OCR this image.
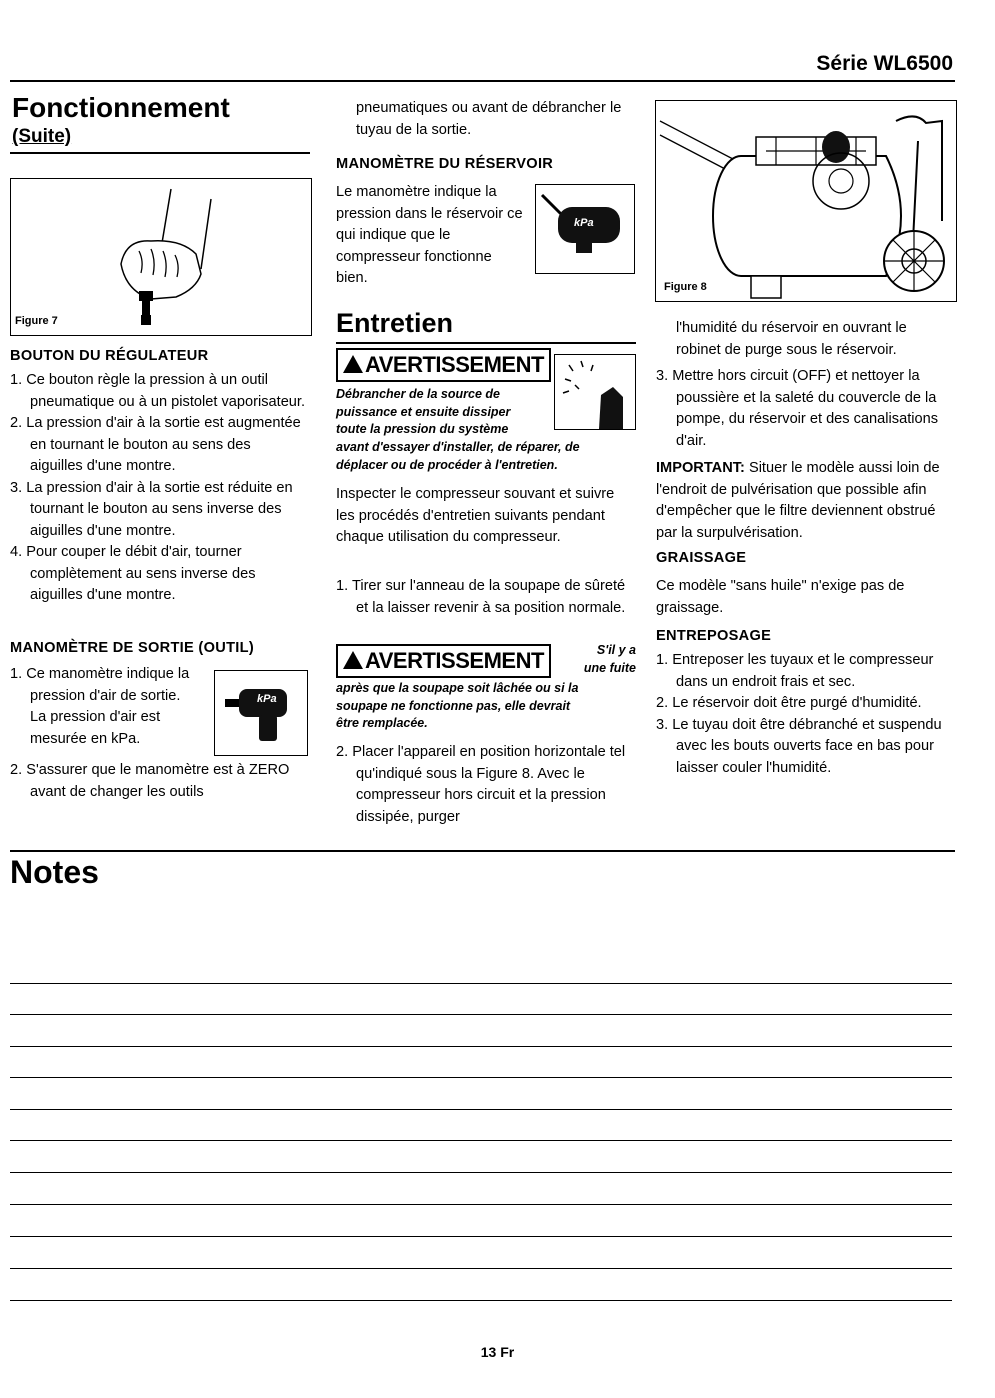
Série WL6500
Fonctionnement
(Suite)
Figure 7
BOUTON DU RÉGULATEUR
1. Ce bouton règle la pression à un outil pneumatique ou à un pistolet vaporisateur.
2. La pression d'air à la sortie est augmentée en tournant le bouton au sens des aiguilles d'une montre.
3. La pression d'air à la sortie est réduite en tournant le bouton au sens inverse des aiguilles d'une montre.
4. Pour couper le débit d'air, tourner complètement au sens inverse des aiguilles d'une montre.
MANOMÈTRE DE SORTIE (OUTIL)
1. Ce manomètre indique la
pression d'air de sortie.
La pression d'air est
mesurée en kPa.
kPa
2. S'assurer que le manomètre est à ZERO avant de changer les outils

pneumatiques ou avant de débrancher le tuyau de la sortie.

MANOMÈTRE DU RÉSERVOIR
Le manomètre indique la
pression dans le réservoir ce
qui indique que le
compresseur fonctionne
bien.
kPa
Entretien
AVERTISSEMENT
Débrancher de la source de
puissance et ensuite dissiper
toute la pression du système
avant d'essayer d'installer, de réparer, de
déplacer ou de procéder à l'entretien.

Inspecter le compresseur souvant et suivre les procédés d'entretien suivants pendant chaque utilisation du compresseur.

1. Tirer sur l'anneau de la soupape de sûreté et la laisser revenir à sa position normale.
AVERTISSEMENT	S'il y a
une fuite
après que la soupape soit lâchée ou si la
soupape ne fonctionne pas, elle devrait
être remplacée.
2. Placer l'appareil en position horizontale tel qu'indiqué sous la Figure 8. Avec le compresseur hors circuit et la pression dissipée, purger
Figure 8

l'humidité du réservoir en ouvrant le robinet de purge sous le réservoir.

3. Mettre hors circuit (OFF) et nettoyer la poussière et la saleté du couvercle de la pompe, du réservoir et des canalisations d'air.

IMPORTANT: Situer le modèle aussi loin de l'endroit de pulvérisation que possible afin d'empêcher que le filtre deviennent obstrué par la surpulvérisation.

GRAISSAGE

Ce modèle "sans huile" n'exige pas de graissage.

ENTREPOSAGE
1. Entreposer les tuyaux et le compresseur dans un endroit frais et sec.
2. Le réservoir doit être purgé d'humidité.
3. Le tuyau doit être débranché et suspendu avec les bouts ouverts face en bas pour laisser couler l'humidité.
Notes
13 Fr
